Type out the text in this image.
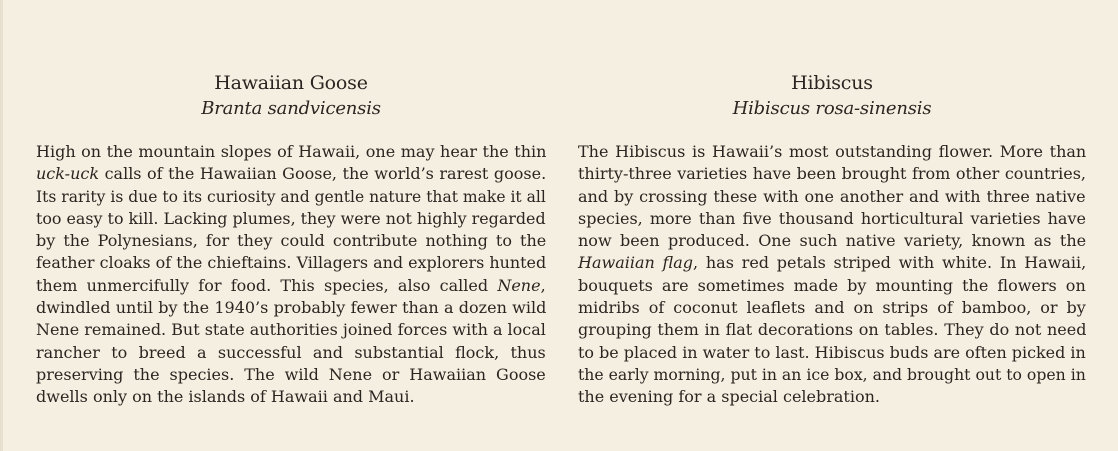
Hawaiian Goose
Branta sandvicensis
High on the mountain slopes of Hawaii, one may hear the thin
uck-uck calls of the Hawaiian Goose, the world’s rarest goose.
Its rarity is due to its curiosity and gentle nature that make it all
too easy to kill. Lacking plumes, they were not highly regarded
by the Polynesians, for they could contribute nothing to the
feather cloaks of the chieftains. Villagers and explorers hunted
them unmercifully for food. This species, also called Nene,
dwindled until by the 1940’s probably fewer than a dozen wild
Nene remained. But state authorities joined forces with a local
rancher to breed a successful and substantial flock, thus
preserving the species. The wild Nene or Hawaiian Goose
dwells only on the islands of Hawaii and Maui.
Hibiscus
Hibiscus rosa-sinensis
The Hibiscus is Hawaii’s most outstanding flower. More than
thirty-three varieties have been brought from other countries,
and by crossing these with one another and with three native
species, more than five thousand horticultural varieties have
now been produced. One such native variety, known as the
Hawaiian flag, has red petals striped with white. In Hawaii,
bouquets are sometimes made by mounting the flowers on
midribs of coconut leaflets and on strips of bamboo, or by
grouping them in flat decorations on tables. They do not need
to be placed in water to last. Hibiscus buds are often picked in
the early morning, put in an ice box, and brought out to open in
the evening for a special celebration.
